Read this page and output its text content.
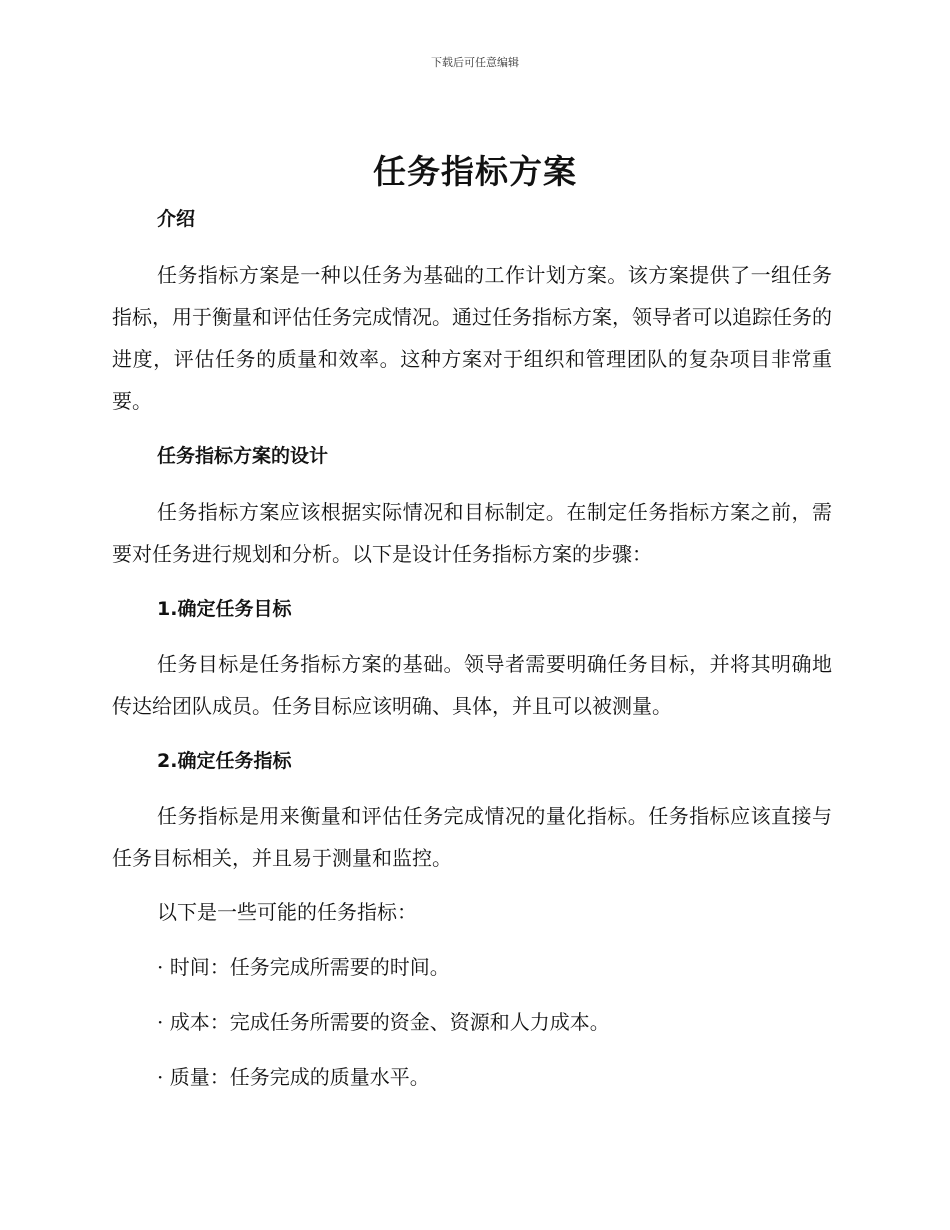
下载后可任意编辑
任务指标方案
介绍
任务指标方案是一种以任务为基础的工作计划方案。该方案提供了一组任务指标，用于衡量和评估任务完成情况。通过任务指标方案，领导者可以追踪任务的进度，评估任务的质量和效率。这种方案对于组织和管理团队的复杂项目非常重要。
任务指标方案的设计
任务指标方案应该根据实际情况和目标制定。在制定任务指标方案之前，需要对任务进行规划和分析。以下是设计任务指标方案的步骤：
1.确定任务目标
任务目标是任务指标方案的基础。领导者需要明确任务目标，并将其明确地传达给团队成员。任务目标应该明确、具体，并且可以被测量。
2.确定任务指标
任务指标是用来衡量和评估任务完成情况的量化指标。任务指标应该直接与任务目标相关，并且易于测量和监控。
以下是一些可能的任务指标：
· 时间：任务完成所需要的时间。
· 成本：完成任务所需要的资金、资源和人力成本。
· 质量：任务完成的质量水平。
